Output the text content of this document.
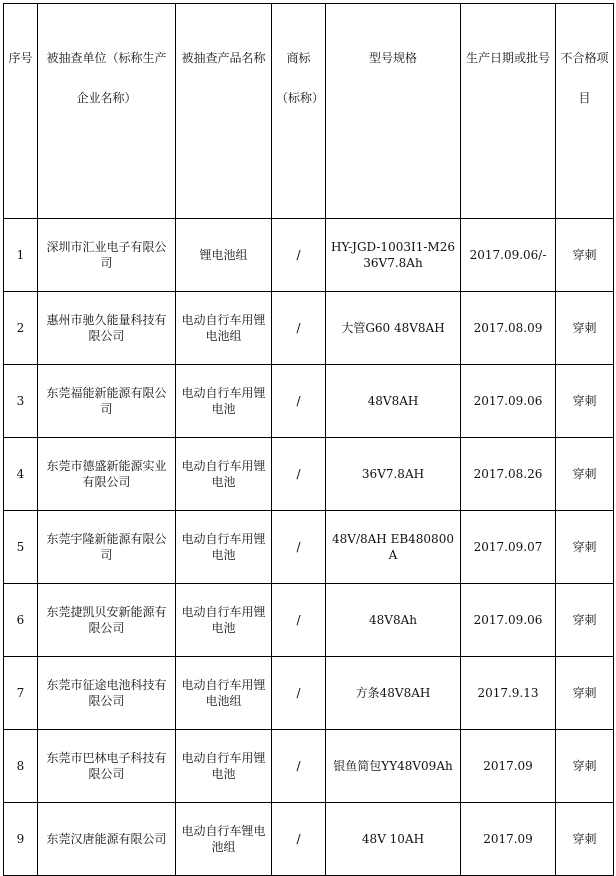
序号	被抽查单位（标称生产企业名称）	被抽查产品名称	商标（标称）	型号规格	生产日期或批号	不合格项目
1	深圳市汇业电子有限公司	锂电池组	/	HY-JGD-1003I1-M26 36V7.8Ah	2017.09.06/-	穿刺
2	惠州市驰久能量科技有限公司	电动自行车用锂电池组	/	大管G60 48V8AH	2017.08.09	穿刺
3	东莞福能新能源有限公司	电动自行车用锂电池	/	48V8AH	2017.09.06	穿刺
4	东莞市德盛新能源实业有限公司	电动自行车用锂电池	/	36V7.8AH	2017.08.26	穿刺
5	东莞宇隆新能源有限公司	电动自行车用锂电池	/	48V/8AH EB480800A	2017.09.07	穿刺
6	东莞捷凯贝安新能源有限公司	电动自行车用锂电池	/	48V8Ah	2017.09.06	穿刺
7	东莞市征途电池科技有限公司	电动自行车用锂电池组	/	方条48V8AH	2017.9.13	穿刺
8	东莞市巴林电子科技有限公司	电动自行车用锂电池	/	银鱼简包YY48V09Ah	2017.09	穿刺
9	东莞汉唐能源有限公司	电动自行车锂电池组	/	48V 10AH	2017.09	穿刺
